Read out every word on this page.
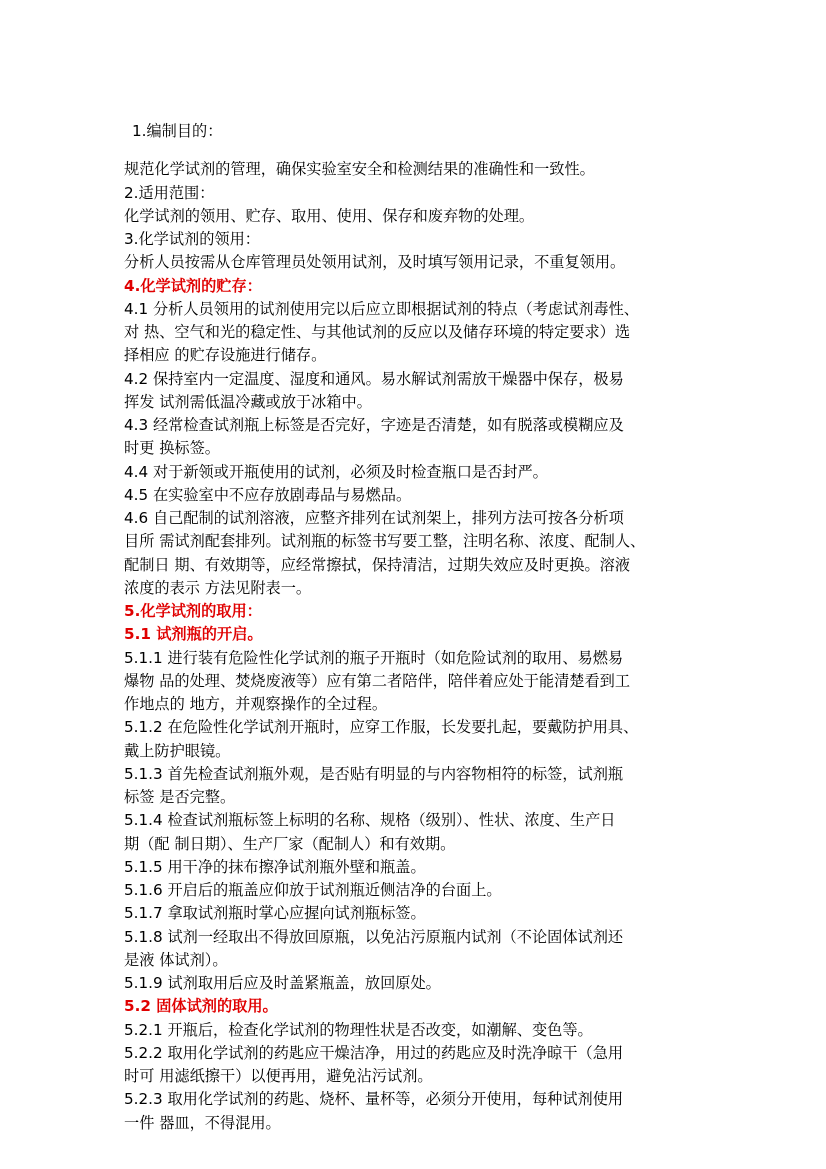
1.编制目的：
规范化学试剂的管理，确保实验室安全和检测结果的准确性和一致性。
2.适用范围：
化学试剂的领用、贮存、取用、使用、保存和废弃物的处理。
3.化学试剂的领用：
分析人员按需从仓库管理员处领用试剂，及时填写领用记录，不重复领用。
4.化学试剂的贮存：
4.1 分析人员领用的试剂使用完以后应立即根据试剂的特点（考虑试剂毒性、
对 热、空气和光的稳定性、与其他试剂的反应以及储存环境的特定要求）选
择相应 的贮存设施进行储存。
4.2 保持室内一定温度、湿度和通风。易水解试剂需放干燥器中保存，极易
挥发 试剂需低温冷藏或放于冰箱中。
4.3 经常检查试剂瓶上标签是否完好，字迹是否清楚，如有脱落或模糊应及
时更 换标签。
4.4 对于新领或开瓶使用的试剂，必须及时检查瓶口是否封严。
4.5 在实验室中不应存放剧毒品与易燃品。
4.6 自己配制的试剂溶液，应整齐排列在试剂架上，排列方法可按各分析项
目所 需试剂配套排列。试剂瓶的标签书写要工整，注明名称、浓度、配制人、
配制日 期、有效期等，应经常擦拭，保持清洁，过期失效应及时更换。溶液
浓度的表示 方法见附表一。
5.化学试剂的取用：
5.1 试剂瓶的开启。
5.1.1 进行装有危险性化学试剂的瓶子开瓶时（如危险试剂的取用、易燃易
爆物 品的处理、焚烧废液等）应有第二者陪伴，陪伴着应处于能清楚看到工
作地点的 地方，并观察操作的全过程。
5.1.2 在危险性化学试剂开瓶时，应穿工作服，长发要扎起，要戴防护用具、
戴上防护眼镜。
5.1.3 首先检查试剂瓶外观，是否贴有明显的与内容物相符的标签，试剂瓶
标签 是否完整。
5.1.4 检查试剂瓶标签上标明的名称、规格（级别）、性状、浓度、生产日
期（配 制日期）、生产厂家（配制人）和有效期。
5.1.5 用干净的抹布擦净试剂瓶外壁和瓶盖。
5.1.6 开启后的瓶盖应仰放于试剂瓶近侧洁净的台面上。
5.1.7 拿取试剂瓶时掌心应握向试剂瓶标签。
5.1.8 试剂一经取出不得放回原瓶，以免沾污原瓶内试剂（不论固体试剂还
是液 体试剂）。
5.1.9 试剂取用后应及时盖紧瓶盖，放回原处。
5.2 固体试剂的取用。
5.2.1 开瓶后，检查化学试剂的物理性状是否改变，如潮解、变色等。
5.2.2 取用化学试剂的药匙应干燥洁净，用过的药匙应及时洗净晾干（急用
时可 用滤纸擦干）以便再用，避免沾污试剂。
5.2.3 取用化学试剂的药匙、烧杯、量杯等，必须分开使用，每种试剂使用
一件 器皿，不得混用。
